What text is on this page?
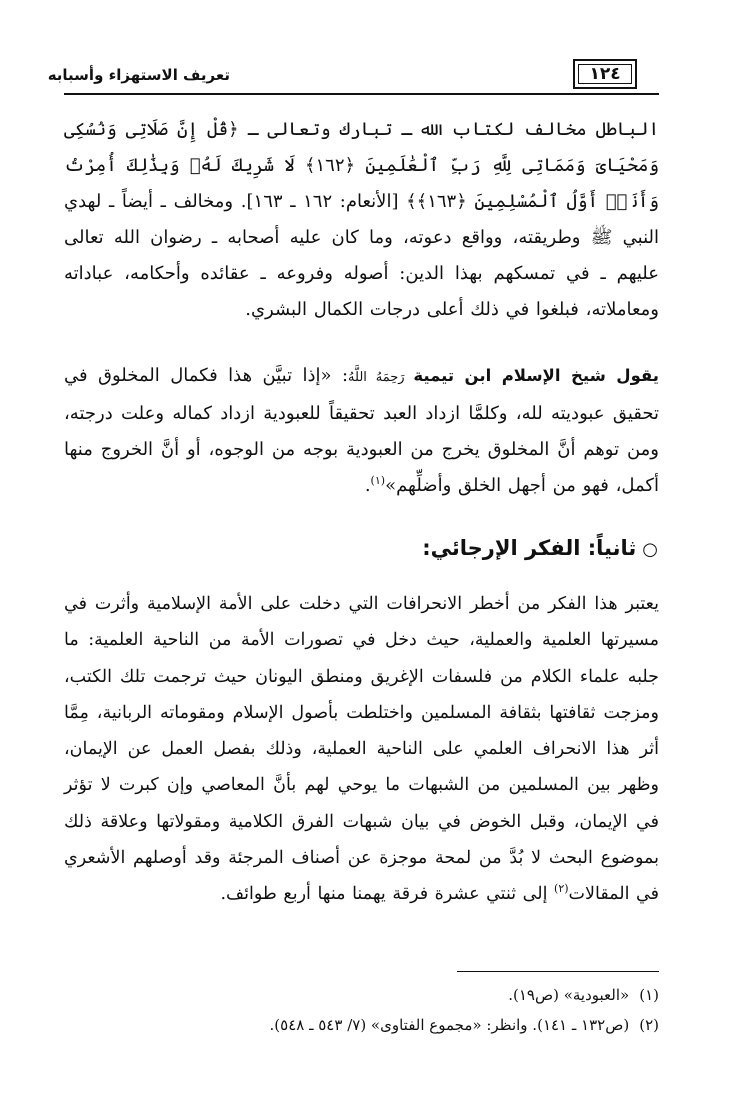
١٢٤
تعريف الاستهزاء وأسبابه

الباطل مخالف لكتاب الله ـ تبارك وتعالى ـ ﴿قُلْ إِنَّ صَلَاتِى وَنُسُكِى وَمَحْيَاىَ وَمَمَاتِى لِلَّهِ رَبِّ ٱلْعَٰلَمِينَ ﴿١٦٢﴾ لَا شَرِيكَ لَهُۥ وَبِذَٰلِكَ أُمِرْتُ وَأَنَا۠ أَوَّلُ ٱلْمُسْلِمِينَ ﴿١٦٣﴾﴾ [الأنعام: ١٦٢ ـ ١٦٣]. ومخالف ـ أيضاً ـ لهدي النبي ﷺ وطريقته، وواقع دعوته، وما كان عليه أصحابه ـ رضوان الله تعالى عليهم ـ في تمسكهم بهذا الدين: أصوله وفروعه ـ عقائده وأحكامه، عباداته ومعاملاته، فبلغوا في ذلك أعلى درجات الكمال البشري.

يقول شيخ الإسلام ابن تيمية رَحِمَهُ اللَّهُ: «إذا تبيَّن هذا فكمال المخلوق في تحقيق عبوديته لله، وكلمَّا ازداد العبد تحقيقاً للعبودية ازداد كماله وعلت درجته، ومن توهم أنَّ المخلوق يخرج من العبودية بوجه من الوجوه، أو أنَّ الخروج منها أكمل، فهو من أجهل الخلق وأضلِّهم»$^{(١)}$.

○ثانياً: الفكر الإرجائي:

يعتبر هذا الفكر من أخطر الانحرافات التي دخلت على الأمة الإسلامية وأثرت في مسيرتها العلمية والعملية، حيث دخل في تصورات الأمة من الناحية العلمية: ما جلبه علماء الكلام من فلسفات الإغريق ومنطق اليونان حيث ترجمت تلك الكتب، ومزجت ثقافتها بثقافة المسلمين واختلطت بأصول الإسلام ومقوماته الربانية، مِمَّا أثر هذا الانحراف العلمي على الناحية العملية، وذلك بفصل العمل عن الإيمان، وظهر بين المسلمين من الشبهات ما يوحي لهم بأنَّ المعاصي وإن كبرت لا تؤثر في الإيمان، وقبل الخوض في بيان شبهات الفرق الكلامية ومقولاتها وعلاقة ذلك بموضوع البحث لا بُدَّ من لمحة موجزة عن أصناف المرجئة وقد أوصلهم الأشعري في المقالات$^{(٢)}$ إلى ثنتي عشرة فرقة يهمنا منها أربع طوائف.

(١)«العبودية» (ص١٩).
(٢)(ص١٣٢ ـ ١٤١). وانظر: «مجموع الفتاوى» (٧/ ٥٤٣ ـ ٥٤٨).
